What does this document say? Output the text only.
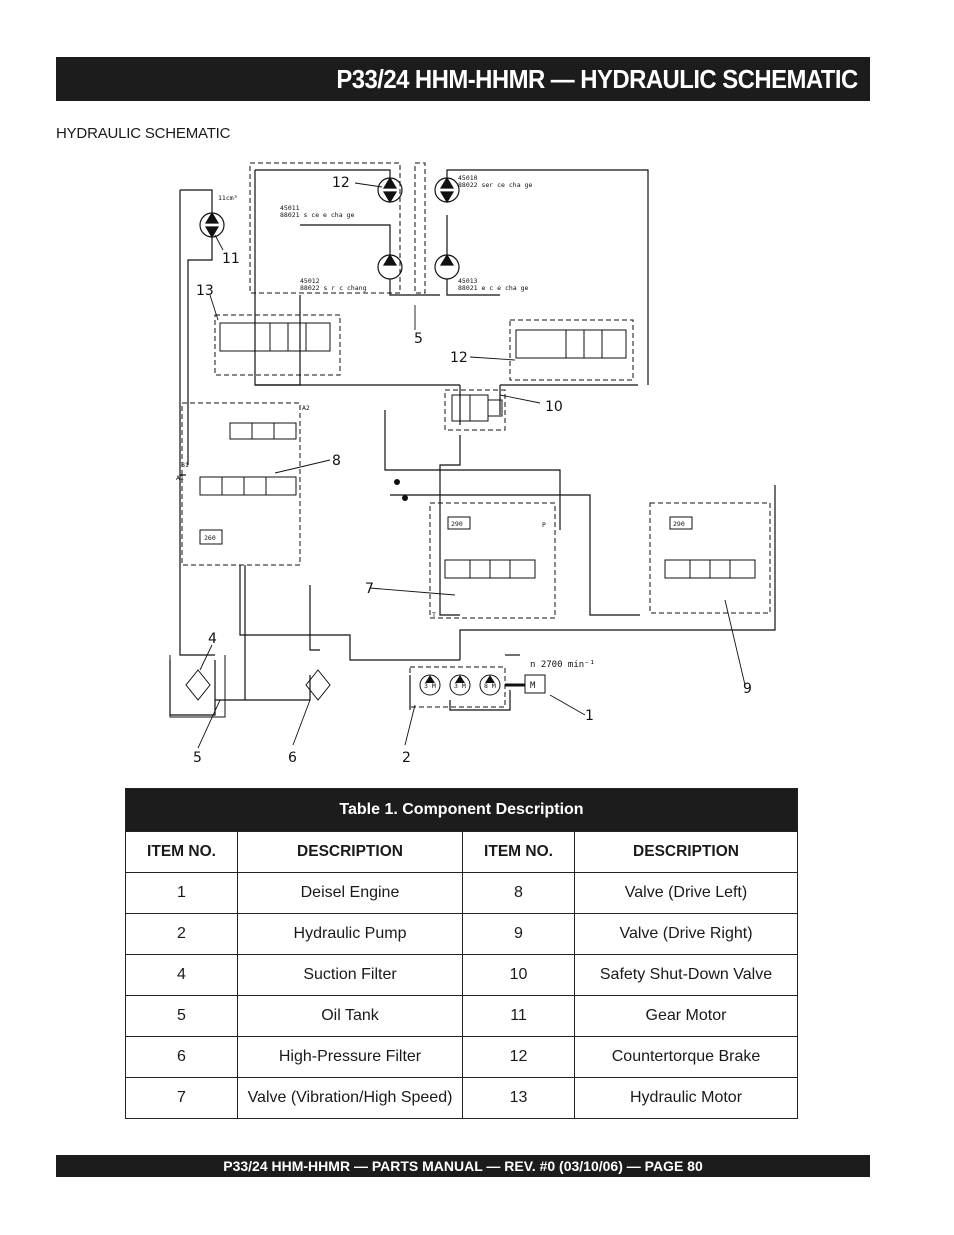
P33/24 HHM-HHMR — HYDRAULIC SCHEMATIC
HYDRAULIC SCHEMATIC
12
11
13
5
12
10
8
7
9
1
2
6
5
4
45011
88021 s ce e cha ge
45010
88022 ser ce cha ge
45012
88022 s r c chang
45013
88021 e c e cha ge
11cm³
n 2700 min⁻¹
260
290	290
A2
B1
A1
P
T
3 M	3 M	8 M	M
Table 1. Component Description			
ITEM NO.	DESCRIPTION	ITEM NO.	DESCRIPTION
1	Deisel Engine	8	Valve (Drive Left)
2	Hydraulic Pump	9	Valve (Drive Right)
4	Suction Filter	10	Safety Shut-Down Valve
5	Oil Tank	11	Gear Motor
6	High-Pressure Filter	12	Countertorque Brake
7	Valve (Vibration/High Speed)	13	Hydraulic Motor
P33/24 HHM-HHMR — PARTS MANUAL — REV. #0 (03/10/06) — PAGE 80
